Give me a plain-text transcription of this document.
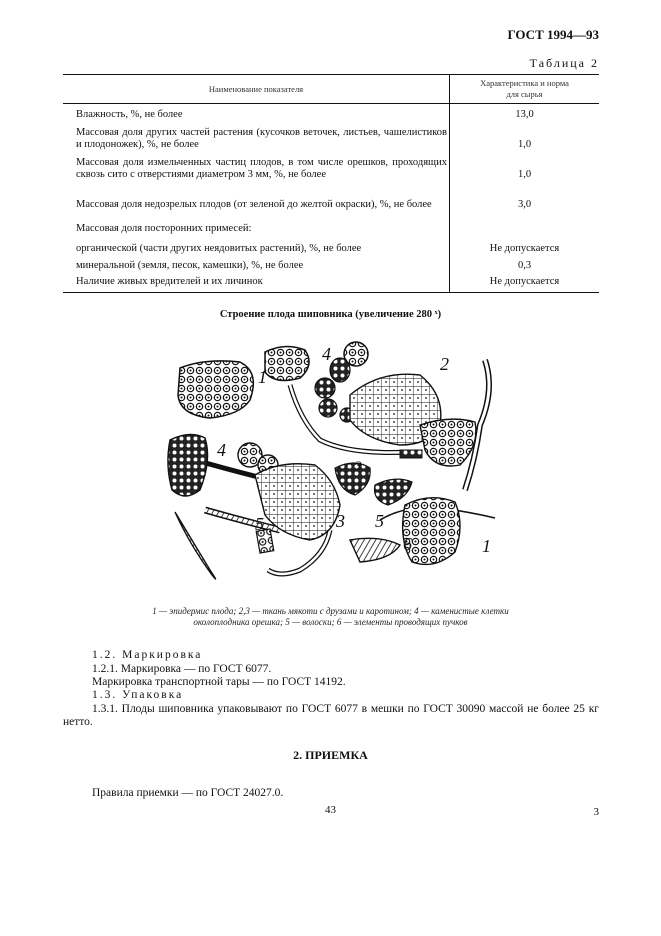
ГОСТ 1994—93
Таблица 2
Наименование показателя	Характеристика и норма
для сырья
Влажность, %, не более	13,0
Массовая доля других частей растения (кусочков веточек, листьев, чашелистиков и плодоножек), %, не более	1,0
Массовая доля измельченных частиц плодов, в том числе орешков, проходящих сквозь сито с отверстиями диаметром 3 мм, %, не более	1,0
Массовая доля недозрелых плодов (от зеленой до желтой окраски), %, не более	3,0
Массовая доля посторонних примесей:	
органической (части других неядовитых растений), %, не более	Не допускается
минеральной (земля, песок, камешки), %, не более	0,3
Наличие живых вредителей и их личинок	Не допускается
Строение плода шиповника (увеличение 280 ˣ)
1
2
3
3
4
4
5	5
6	1
1 — эпидермис плода; 2,3 — ткань мякоти с друзами и каротином; 4 — каменистые клетки
околоплодника орешка; 5 — волоски; 6 — элементы проводящих пучков
1.2. Маркировка
1.2.1. Маркировка — по ГОСТ 6077.
Маркировка транспортной тары — по ГОСТ 14192.
1.3. Упаковка
1.3.1. Плоды шиповника упаковывают по ГОСТ 6077 в мешки по ГОСТ 30090 массой не более 25 кг нетто.
2. ПРИЕМКА
Правила приемки — по ГОСТ 24027.0.
43	3
